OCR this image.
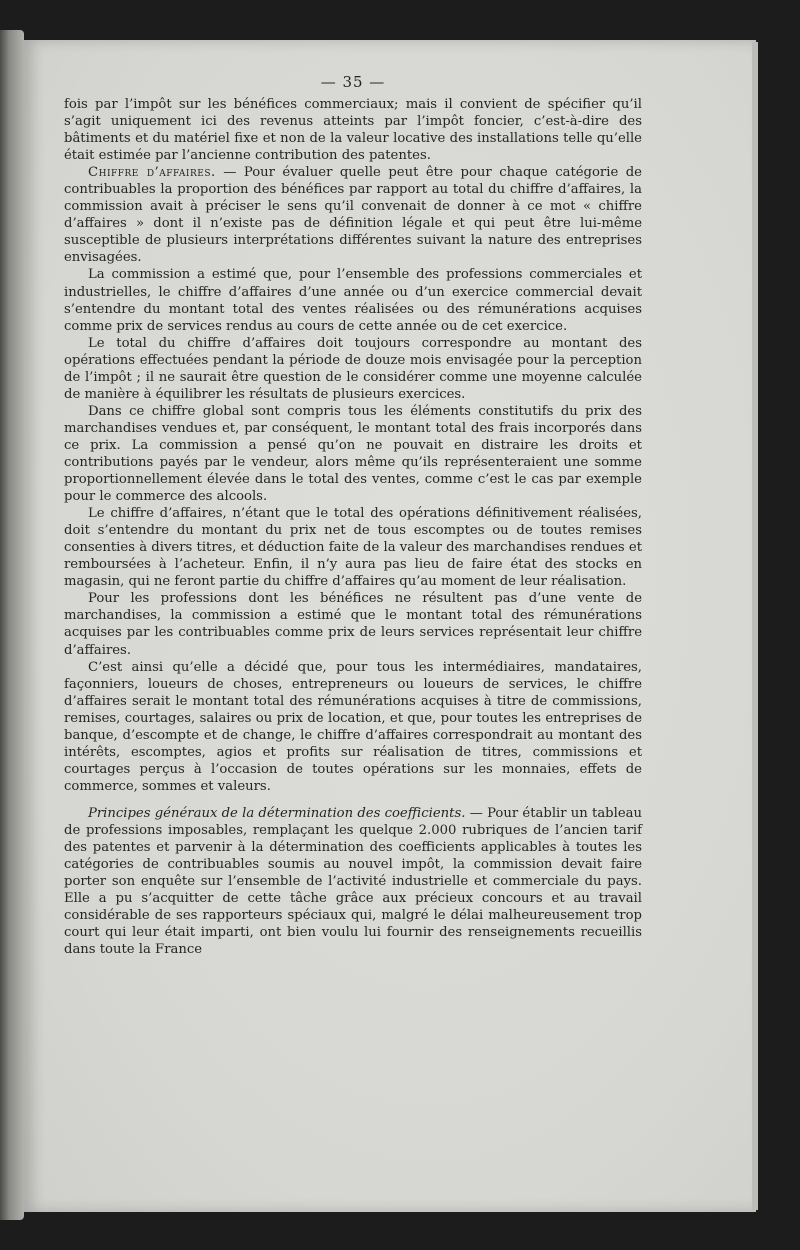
— 35 —

fois par l’impôt sur les bénéfices commerciaux; mais il convient de spécifier qu’il s’agit uniquement ici des revenus atteints par l’impôt foncier, c’est-à-dire des bâtiments et du matériel fixe et non de la valeur locative des installations telle qu’elle était estimée par l’ancienne contribution des patentes.

Chiffre d’affaires. — Pour évaluer quelle peut être pour chaque catégorie de contribuables la proportion des bénéfices par rapport au total du chiffre d’affaires, la commission avait à préciser le sens qu’il convenait de donner à ce mot « chiffre d’affaires » dont il n’existe pas de définition légale et qui peut être lui-même susceptible de plusieurs interprétations différentes suivant la nature des entreprises envisagées.

La commission a estimé que, pour l’ensemble des professions commerciales et industrielles, le chiffre d’affaires d’une année ou d’un exercice commercial devait s’entendre du montant total des ventes réalisées ou des rémunérations acquises comme prix de services rendus au cours de cette année ou de cet exercice.

Le total du chiffre d’affaires doit toujours correspondre au montant des opérations effectuées pendant la période de douze mois envisagée pour la perception de l’impôt ; il ne saurait être question de le considérer comme une moyenne calculée de manière à équilibrer les résultats de plusieurs exercices.

Dans ce chiffre global sont compris tous les éléments constitutifs du prix des marchandises vendues et, par conséquent, le montant total des frais incorporés dans ce prix. La commission a pensé qu’on ne pouvait en distraire les droits et contributions payés par le vendeur, alors même qu’ils représenteraient une somme proportionnellement élevée dans le total des ventes, comme c’est le cas par exemple pour le commerce des alcools.

Le chiffre d’affaires, n’étant que le total des opérations définitivement réalisées, doit s’entendre du montant du prix net de tous escomptes ou de toutes remises consenties à divers titres, et déduction faite de la valeur des marchandises rendues et remboursées à l’acheteur. Enfin, il n’y aura pas lieu de faire état des stocks en magasin, qui ne feront partie du chiffre d’affaires qu’au moment de leur réalisation.

Pour les professions dont les bénéfices ne résultent pas d’une vente de marchandises, la commission a estimé que le montant total des rémunérations acquises par les contribuables comme prix de leurs services représentait leur chiffre d’affaires.

C’est ainsi qu’elle a décidé que, pour tous les intermédiaires, mandataires, façonniers, loueurs de choses, entrepreneurs ou loueurs de services, le chiffre d’affaires serait le montant total des rémunérations acquises à titre de commissions, remises, courtages, salaires ou prix de location, et que, pour toutes les entreprises de banque, d’escompte et de change, le chiffre d’affaires correspondrait au montant des intérêts, escomptes, agios et profits sur réalisation de titres, commissions et courtages perçus à l’occasion de toutes opérations sur les monnaies, effets de commerce, sommes et valeurs.

Principes généraux de la détermination des coefficients. — Pour établir un tableau de professions imposables, remplaçant les quelque 2.000 rubriques de l’ancien tarif des patentes et parvenir à la détermination des coefficients applicables à toutes les catégories de contribuables soumis au nouvel impôt, la commission devait faire porter son enquête sur l’ensemble de l’activité industrielle et commerciale du pays. Elle a pu s’acquitter de cette tâche grâce aux précieux concours et au travail considérable de ses rapporteurs spéciaux qui, malgré le délai malheureusement trop court qui leur était imparti, ont bien voulu lui fournir des renseignements recueillis dans toute la France
